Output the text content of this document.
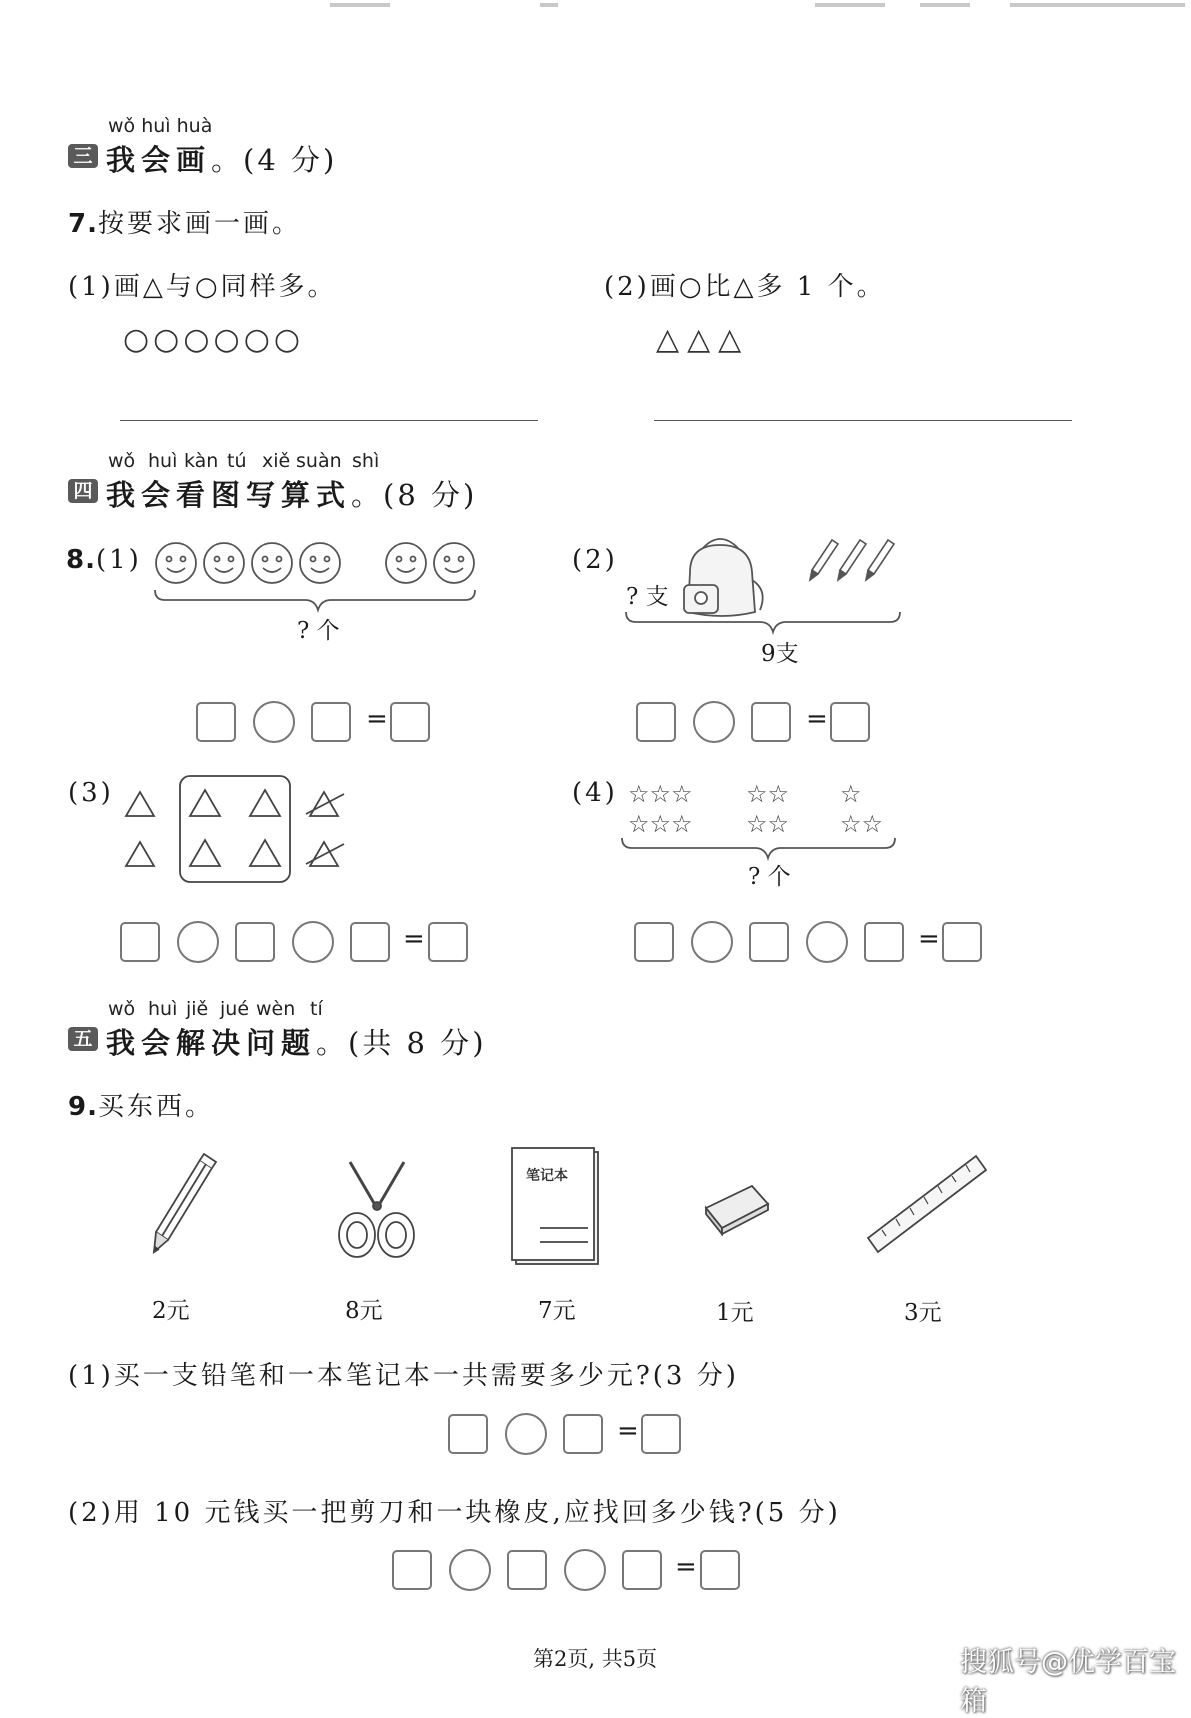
wǒ huì huà
三 我会画。(4 分)
7.按要求画一画。
(1)画△与○同样多。	(2)画○比△多 1 个。
○○○○○○	△△△
wǒ huì kàn tú xiě suàn shì
四 我会看图写算式。(8 分)
8.(1)
? 个
=
(2)
? 支
9支
=
(3)
=
(4) ☆☆☆ ☆☆ ☆
☆☆☆ ☆☆ ☆☆
? 个
=
wǒ huì jiě jué wèn tí
五 我会解决问题。(共 8 分)
9.买东西。
笔记本
2元	8元	7元	1元	3元
(1)买一支铅笔和一本笔记本一共需要多少元?(3 分)
=
(2)用 10 元钱买一把剪刀和一块橡皮,应找回多少钱?(5 分)
=
第2页, 共5页	搜狐号@优学百宝箱
